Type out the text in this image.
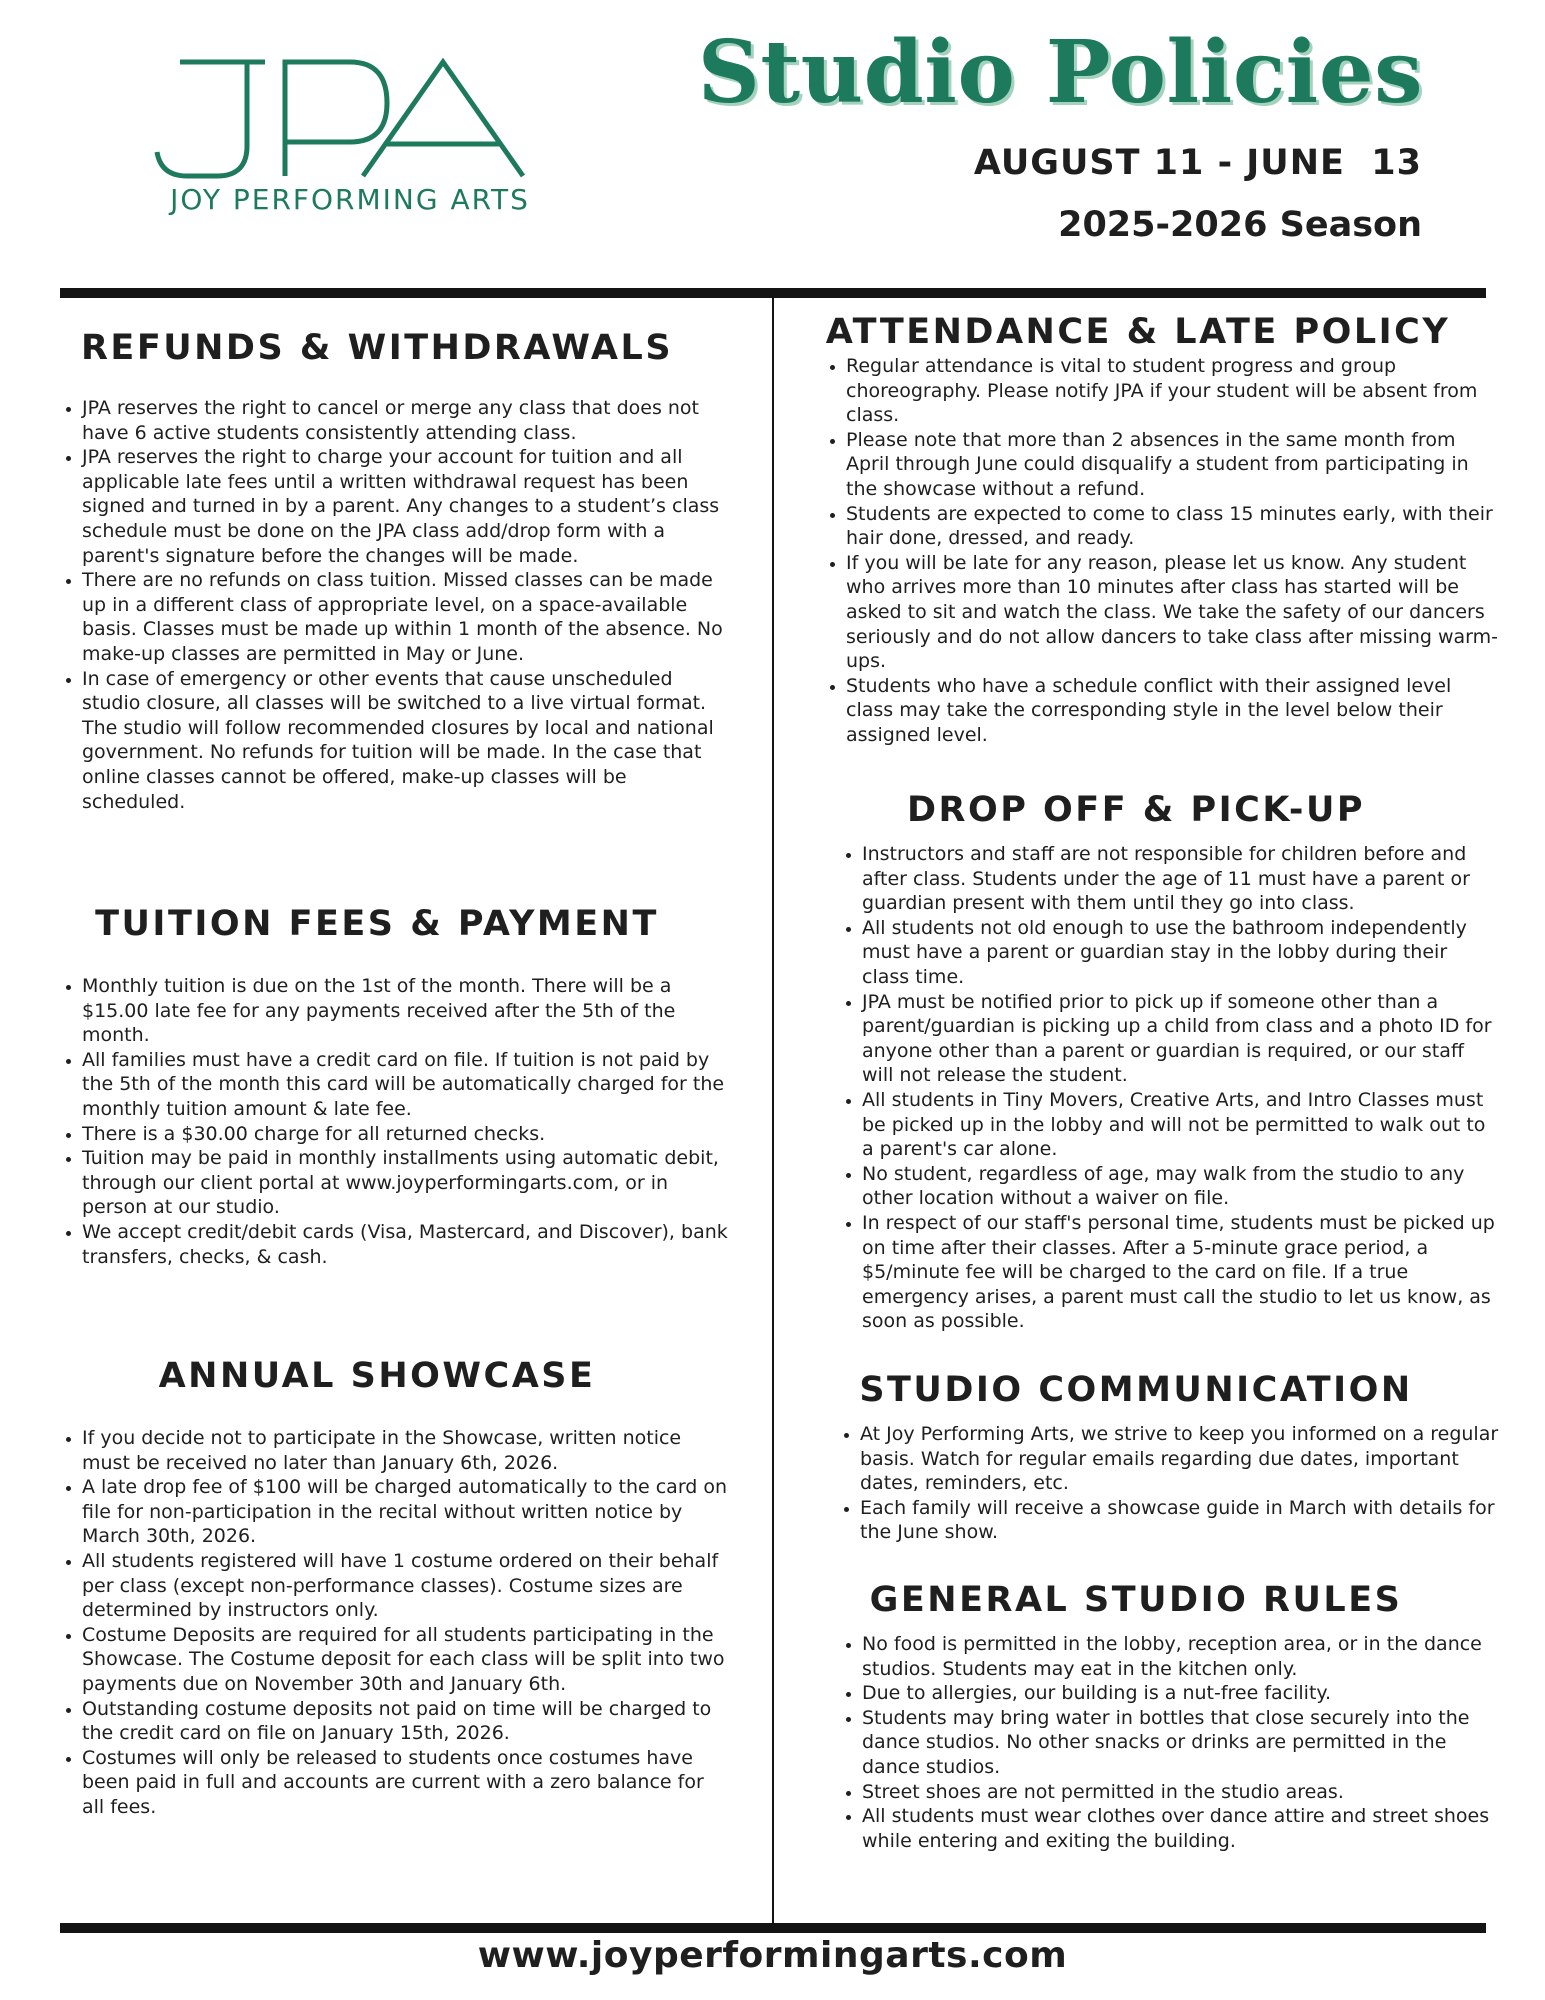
JOY PERFORMING ARTS
Studio Policies
AUGUST 11 - JUNE  13
2025-2026 Season
REFUNDS & WITHDRAWALS
• JPA reserves the right to cancel or merge any class that does not have 6 active students consistently attending class.
• JPA reserves the right to charge your account for tuition and all applicable late fees until a written withdrawal request has been signed and turned in by a parent. Any changes to a student’s class schedule must be done on the JPA class add/drop form with a parent's signature before the changes will be made.
• There are no refunds on class tuition. Missed classes can be made up in a different class of appropriate level, on a space-available basis. Classes must be made up within 1 month of the absence. No make-up classes are permitted in May or June.
• In case of emergency or other events that cause unscheduled studio closure, all classes will be switched to a live virtual format. The studio will follow recommended closures by local and national government. No refunds for tuition will be made. In the case that online classes cannot be offered, make-up classes will be scheduled.
TUITION FEES & PAYMENT
• Monthly tuition is due on the 1st of the month. There will be a $15.00 late fee for any payments received after the 5th of the month.
• All families must have a credit card on file. If tuition is not paid by the 5th of the month this card will be automatically charged for the monthly tuition amount & late fee.
• There is a $30.00 charge for all returned checks.
• Tuition may be paid in monthly installments using automatic debit, through our client portal at www.joyperformingarts.com, or in person at our studio.
• We accept credit/debit cards (Visa, Mastercard, and Discover), bank transfers, checks, & cash.
ANNUAL SHOWCASE
• If you decide not to participate in the Showcase, written notice must be received no later than January 6th, 2026.
• A late drop fee of $100 will be charged automatically to the card on file for non-participation in the recital without written notice by March 30th, 2026.
• All students registered will have 1 costume ordered on their behalf per class (except non-performance classes). Costume sizes are determined by instructors only.
• Costume Deposits are required for all students participating in the Showcase. The Costume deposit for each class will be split into two payments due on November 30th and January 6th.
• Outstanding costume deposits not paid on time will be charged to the credit card on file on January 15th, 2026.
• Costumes will only be released to students once costumes have been paid in full and accounts are current with a zero balance for all fees.
ATTENDANCE & LATE POLICY
• Regular attendance is vital to student progress and group choreography. Please notify JPA if your student will be absent from class.
• Please note that more than 2 absences in the same month from April through June could disqualify a student from participating in the showcase without a refund.
• Students are expected to come to class 15 minutes early, with their hair done, dressed, and ready.
• If you will be late for any reason, please let us know. Any student who arrives more than 10 minutes after class has started will be asked to sit and watch the class. We take the safety of our dancers seriously and do not allow dancers to take class after missing warm-ups.
• Students who have a schedule conflict with their assigned level class may take the corresponding style in the level below their assigned level.
DROP OFF & PICK-UP
• Instructors and staff are not responsible for children before and after class. Students under the age of 11 must have a parent or guardian present with them until they go into class.
• All students not old enough to use the bathroom independently must have a parent or guardian stay in the lobby during their class time.
• JPA must be notified prior to pick up if someone other than a parent/guardian is picking up a child from class and a photo ID for anyone other than a parent or guardian is required, or our staff will not release the student.
• All students in Tiny Movers, Creative Arts, and Intro Classes must be picked up in the lobby and will not be permitted to walk out to a parent's car alone.
• No student, regardless of age, may walk from the studio to any other location without a waiver on file.
• In respect of our staff's personal time, students must be picked up on time after their classes. After a 5-minute grace period, a $5/minute fee will be charged to the card on file. If a true emergency arises, a parent must call the studio to let us know, as soon as possible.
STUDIO COMMUNICATION
• At Joy Performing Arts, we strive to keep you informed on a regular basis. Watch for regular emails regarding due dates, important dates, reminders, etc.
• Each family will receive a showcase guide in March with details for the June show.
GENERAL STUDIO RULES
• No food is permitted in the lobby, reception area, or in the dance studios. Students may eat in the kitchen only.
• Due to allergies, our building is a nut-free facility.
• Students may bring water in bottles that close securely into the dance studios. No other snacks or drinks are permitted in the dance studios.
• Street shoes are not permitted in the studio areas.
• All students must wear clothes over dance attire and street shoes while entering and exiting the building.
www.joyperformingarts.com
